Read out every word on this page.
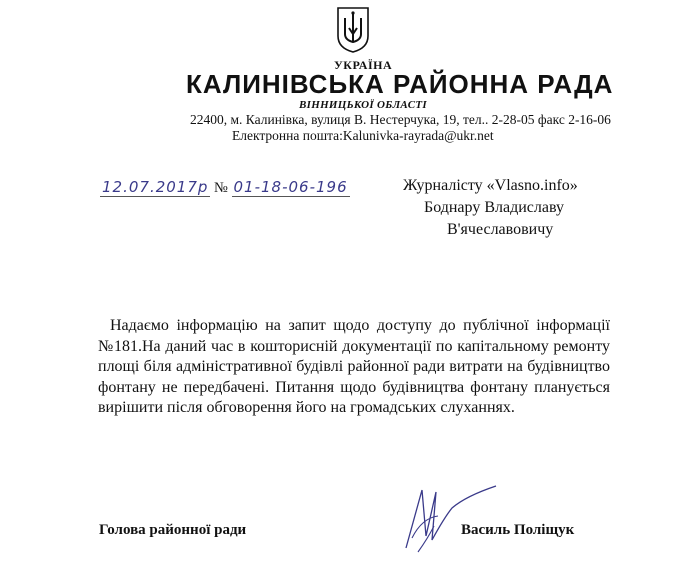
УКРАЇНА
КАЛИНІВСЬКА РАЙОННА РАДА
ВІННИЦЬКОЇ ОБЛАСТІ
22400, м. Калинівка, вулиця В. Нестерчука, 19, тел.. 2-28-05 факс 2-16-06
Електронна пошта:Kalunivka-rayrada@ukr.net
12.07.2017р № 01-18-06-196	Журналісту «Vlasno.info»
Боднару Владиславу
В'ячеславовичу
Надаємо інформацію на запит щодо доступу до публічної інформації №181.На даний час в кошторисній документації по капітальному ремонту площі біля адміністративної будівлі районної ради витрати на будівництво фонтану не передбачені. Питання щодо будівництва фонтану планується вирішити після обговорення його на громадських слуханнях.
Голова районної ради	Василь Поліщук
